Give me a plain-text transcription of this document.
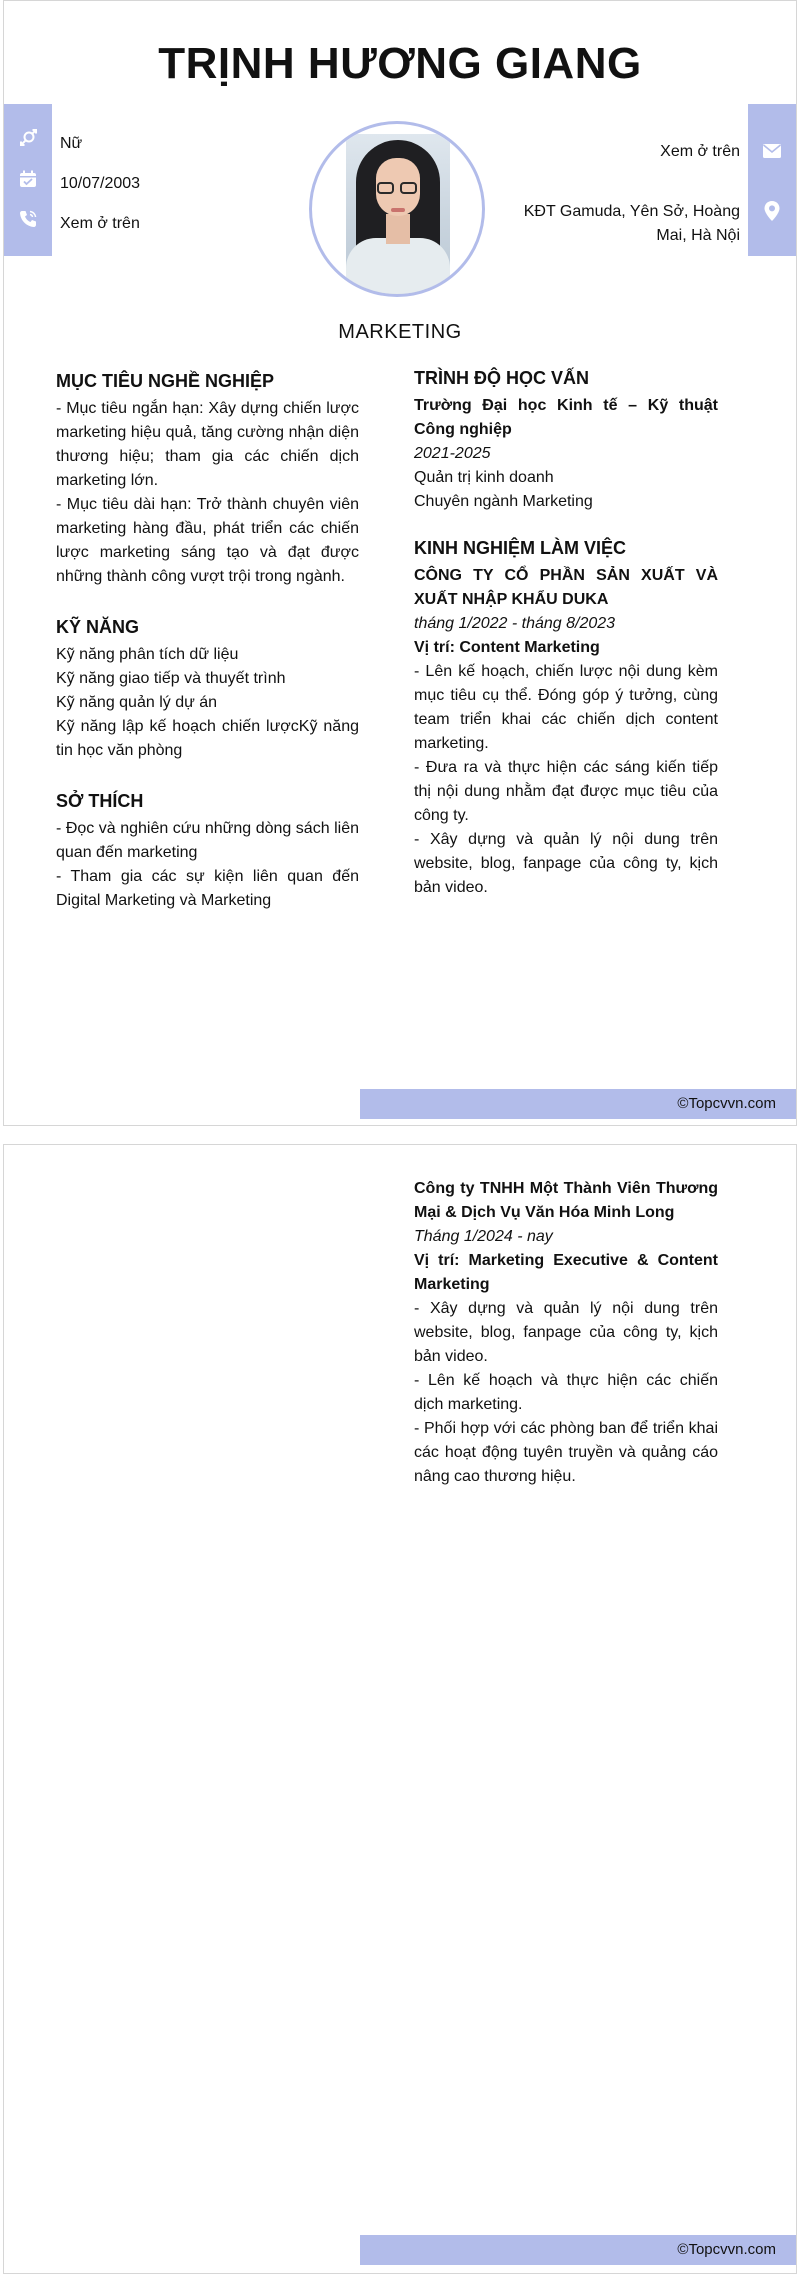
TRỊNH HƯƠNG GIANG
Nữ
10/07/2003
Xem ở trên
Xem ở trên
KĐT Gamuda, Yên Sở, Hoàng Mai, Hà Nội
MARKETING
MỤC TIÊU NGHỀ NGHIỆP

- Mục tiêu ngắn hạn: Xây dựng chiến lược marketing hiệu quả, tăng cường nhận diện thương hiệu; tham gia các chiến dịch marketing lớn.

- Mục tiêu dài hạn: Trở thành chuyên viên marketing hàng đầu, phát triển các chiến lược marketing sáng tạo và đạt được những thành công vượt trội trong ngành.

KỸ NĂNG

Kỹ năng phân tích dữ liệu

Kỹ năng giao tiếp và thuyết trình

Kỹ năng quản lý dự án

Kỹ năng lập kế hoạch chiến lượcKỹ năng tin học văn phòng

SỞ THÍCH

- Đọc và nghiên cứu những dòng sách liên quan đến marketing

- Tham gia các sự kiện liên quan đến Digital Marketing và Marketing

TRÌNH ĐỘ HỌC VẤN

Trường Đại học Kinh tế – Kỹ thuật Công nghiệp

2021-2025

Quản trị kinh doanh

Chuyên ngành Marketing

KINH NGHIỆM LÀM VIỆC

CÔNG TY CỔ PHẦN SẢN XUẤT VÀ XUẤT NHẬP KHẨU DUKA

tháng 1/2022 - tháng 8/2023

Vị trí: Content Marketing

- Lên kế hoạch, chiến lược nội dung kèm mục tiêu cụ thể. Đóng góp ý tưởng, cùng team triển khai các chiến dịch content marketing.

- Đưa ra và thực hiện các sáng kiến tiếp thị nội dung nhằm đạt được mục tiêu của công ty.

- Xây dựng và quản lý nội dung trên website, blog, fanpage của công ty, kịch bản video.

©Topcvvn.com

Công ty TNHH Một Thành Viên Thương Mại & Dịch Vụ Văn Hóa Minh Long

Tháng 1/2024 - nay

Vị trí: Marketing Executive & Content Marketing

- Xây dựng và quản lý nội dung trên website, blog, fanpage của công ty, kịch bản video.

- Lên kế hoạch và thực hiện các chiến dịch marketing.

- Phối hợp với các phòng ban để triển khai các hoạt động tuyên truyền và quảng cáo nâng cao thương hiệu.

©Topcvvn.com
